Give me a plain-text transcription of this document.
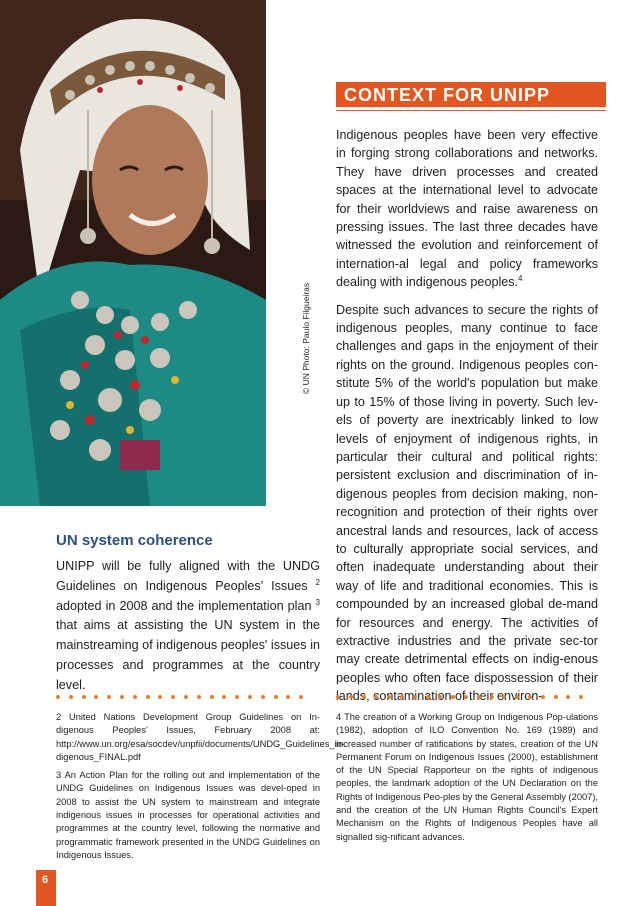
© UN Photo: Paulo Filgueiras
CONTEXT FOR UNIPP

Indigenous peoples have been very effective in forging strong collaborations and networks. They have driven processes and created spaces at the international level to advocate for their worldviews and raise awareness on pressing issues. The last three decades have witnessed the evolution and reinforcement of internation-al legal and policy frameworks dealing with indigenous peoples.$^4$

Despite such advances to secure the rights of indigenous peoples, many continue to face challenges and gaps in the enjoyment of their rights on the ground. Indigenous peoples con-stitute 5% of the world's population but make up to 15% of those living in poverty. Such lev-els of poverty are inextricably linked to low levels of enjoyment of indigenous rights, in particular their cultural and political rights: persistent exclusion and discrimination of in-digenous peoples from decision making, non-recognition and protection of their rights over ancestral lands and resources, lack of access to culturally appropriate social services, and often inadequate understanding about their way of life and traditional economies. This is compounded by an increased global de-mand for resources and energy. The activities of extractive industries and the private sec-tor may create detrimental effects on indig-enous peoples who often face dispossession of their lands, of their environ-

UN system coherence

UNIPP will be fully aligned with the UNDG Guidelines on Indigenous Peoples' Issues $^2$ adopted in 2008 and the implementation plan $^3$ that aims at assisting the UN system in the mainstreaming of indigenous peoples' issues in processes and programmes at the country level.

2 United Nations Development Group Guidelines on In-digenous Peoples' Issues, February 2008 at: http://www.un.org/esa/socdev/unpfii/documents/UNDG_Guidelines_in-digenous_FINAL.pdf

3 An Action Plan for the rolling out and implementation of the UNDG Guidelines on Indigenous Issues was devel-oped in 2008 to assist the UN system to mainstream and integrate indigenous issues in processes for operational activities and programmes at the country level, following the normative and programmatic framework presented in the UNDG Guidelines on Indigenous Issues.

4 The creation of a Working Group on Indigenous Pop-ulations (1982), adoption of ILO Convention No. 169 (1989) and increased number of ratifications by states, creation of the UN Permanent Forum on Indigenous Issues (2000), establishment of the UN Special Rapporteur on the rights of indigenous peoples, the landmark adoption of the UN Declaration on the Rights of Indigenous Peo-ples by the General Assembly (2007), and the creation of the UN Human Rights Council's Expert Mechanism on the Rights of Indigenous Peoples have all signalled sig-nificant advances.

6
